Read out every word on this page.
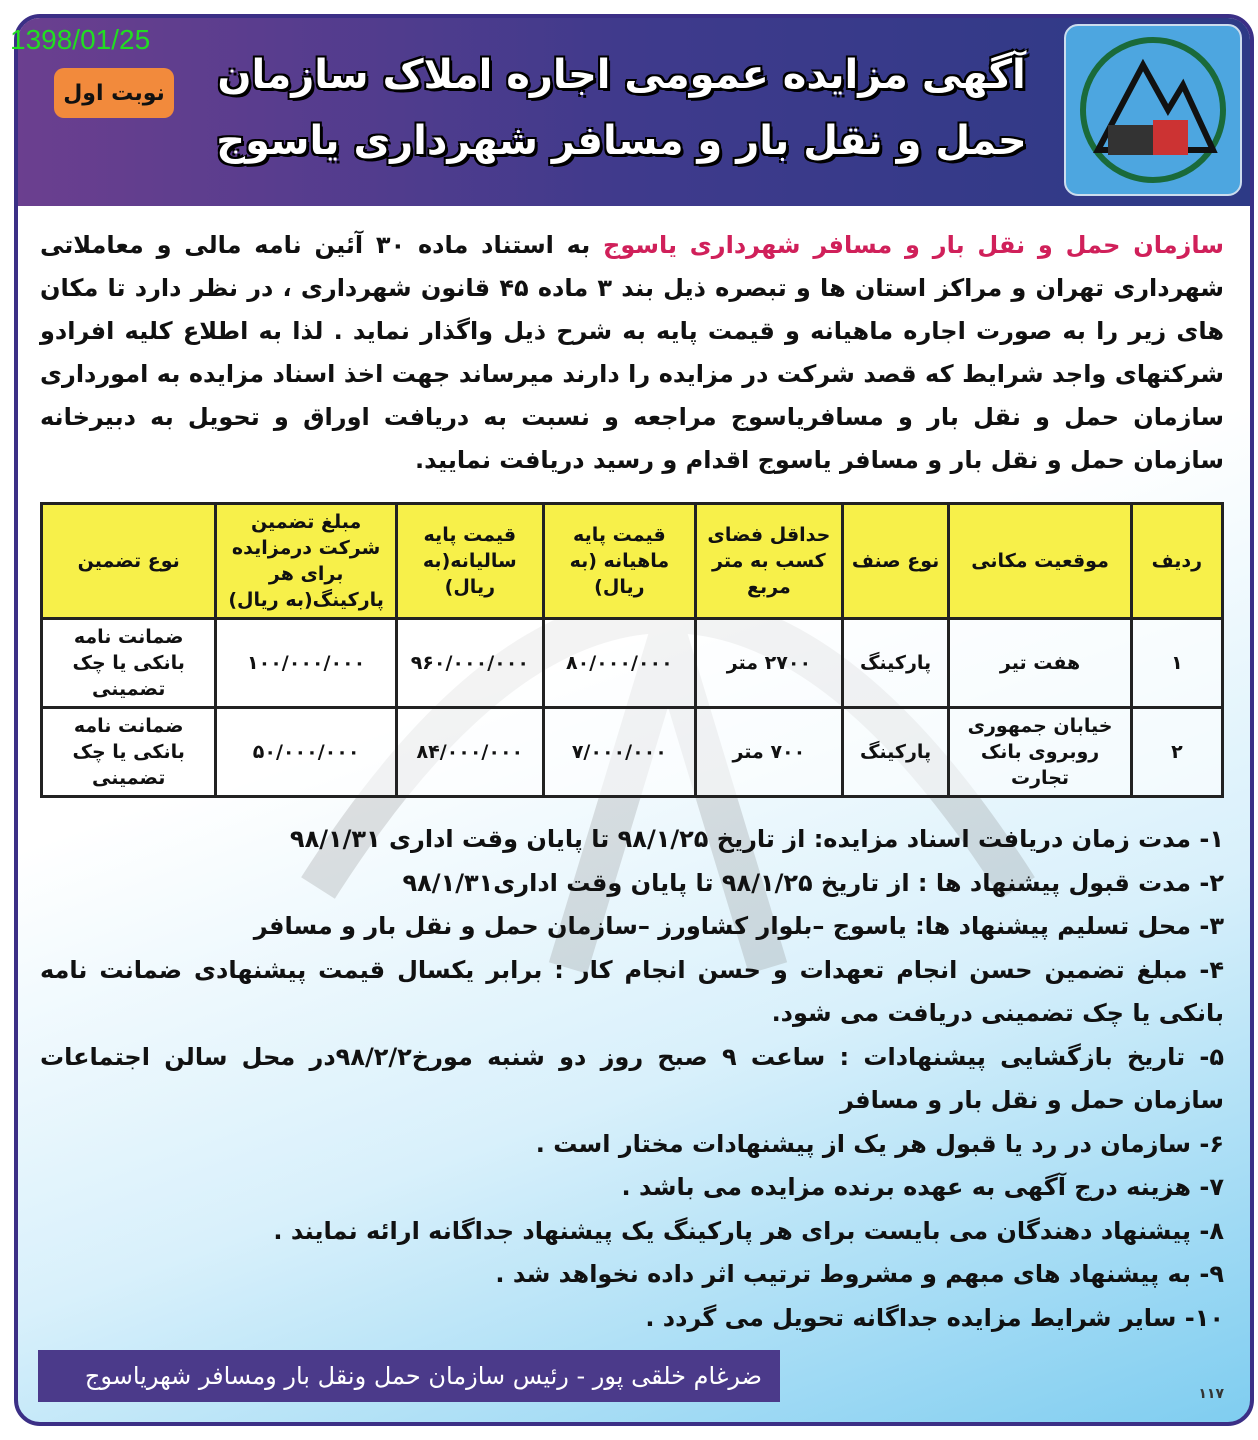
1398/01/25
نوبت اول	آگهی مزایده عمومی اجاره املاک سازمان
حمل و نقل بار و مسافر شهرداری یاسوج
سازمان حمل و نقل بار و مسافر شهرداری یاسوج به استناد ماده ۳۰ آئین نامه مالی و معاملاتی شهرداری تهران و مراکز استان ها و تبصره ذیل بند ۳ ماده ۴۵ قانون شهرداری ، در نظر دارد تا مکان های زیر را به صورت اجاره ماهیانه و قیمت پایه به شرح ذیل واگذار نماید . لذا به اطلاع کلیه افرادو شرکتهای واجد شرایط که قصد شرکت در مزایده را دارند میرساند جهت اخذ اسناد مزایده به امورداری سازمان حمل و نقل بار و مسافریاسوج مراجعه و نسبت به دریافت اوراق و تحویل به دبیرخانه سازمان حمل و نقل بار و مسافر یاسوج اقدام و رسید دریافت نمایید.
ردیف	موقعیت مکانی	نوع صنف	حداقل فضای کسب به متر مربع	قیمت پایه ماهیانه (به ریال)	قیمت پایه سالیانه(به ریال)	مبلغ تضمین شرکت درمزایده برای هر پارکینگ(به ریال)	نوع تضمین
۱	هفت تیر	پارکینگ	۲۷۰۰ متر	۸۰/۰۰۰/۰۰۰	۹۶۰/۰۰۰/۰۰۰	۱۰۰/۰۰۰/۰۰۰	ضمانت نامه بانکی یا چک تضمینی
۲	خیابان جمهوری روبروی بانک تجارت	پارکینگ	۷۰۰ متر	۷/۰۰۰/۰۰۰	۸۴/۰۰۰/۰۰۰	۵۰/۰۰۰/۰۰۰	ضمانت نامه بانکی یا چک تضمینی
۱- مدت زمان دریافت اسناد مزایده: از تاریخ ۹۸/۱/۲۵ تا پایان وقت اداری ۹۸/۱/۳۱
۲- مدت قبول پیشنهاد ها : از تاریخ ۹۸/۱/۲۵ تا پایان وقت اداری۹۸/۱/۳۱
۳- محل تسلیم پیشنهاد ها: یاسوج –بلوار کشاورز –سازمان حمل و نقل بار و مسافر
۴- مبلغ تضمین حسن انجام تعهدات و حسن انجام کار : برابر یکسال قیمت پیشنهادی ضمانت نامه بانکی یا چک تضمینی دریافت می شود.
۵- تاریخ بازگشایی پیشنهادات : ساعت ۹ صبح روز دو شنبه مورخ۹۸/۲/۲در محل سالن اجتماعات سازمان حمل و نقل بار و مسافر
۶- سازمان در رد یا قبول هر یک از پیشنهادات مختار است .
۷- هزینه درج آگهی به عهده برنده مزایده می باشد .
۸- پیشنهاد دهندگان می بایست برای هر پارکینگ یک پیشنهاد جداگانه ارائه نمایند .
۹- به پیشنهاد های مبهم و مشروط ترتیب اثر داده نخواهد شد .
۱۰- سایر شرایط مزایده جداگانه تحویل می گردد .
ضرغام خلقی پور - رئیس سازمان حمل ونقل بار ومسافر شهریاسوج
۱۱۷
